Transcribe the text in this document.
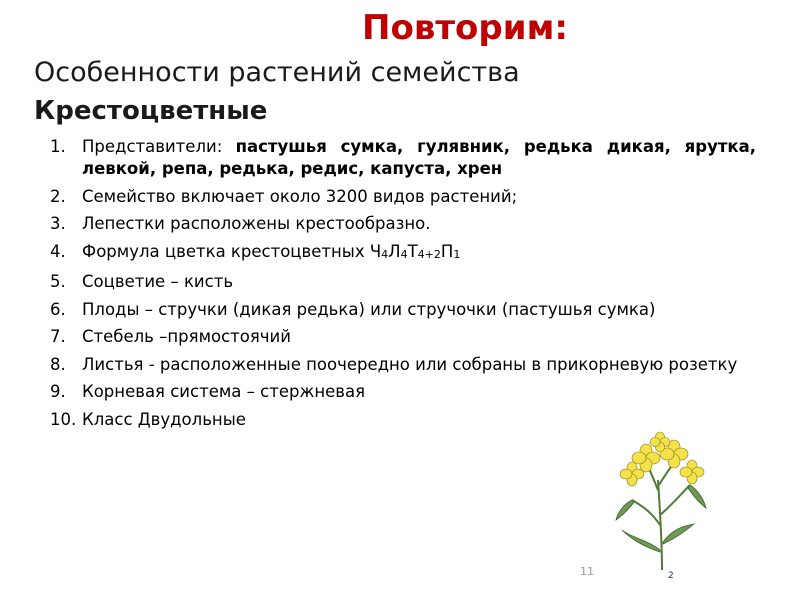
Повторим:
Особенности растений семейства
Крестоцветные
1. Представители: пастушья сумка, гулявник, редька дикая, ярутка, левкой, репа, редька, редис, капуста, хрен
2. Семейство включает около 3200 видов растений;
3. Лепестки расположены крестообразно.
4. Формула цветка крестоцветных Ч4Л4Т4+2П1
5. Соцветие – кисть
6. Плоды – стручки (дикая редька) или стручочки (пастушья сумка)
7. Стебель –прямостоячий
8. Листья - расположенные поочередно или собраны в прикорневую розетку
9. Корневая система – стержневая
10. Класс Двудольные
2
11
